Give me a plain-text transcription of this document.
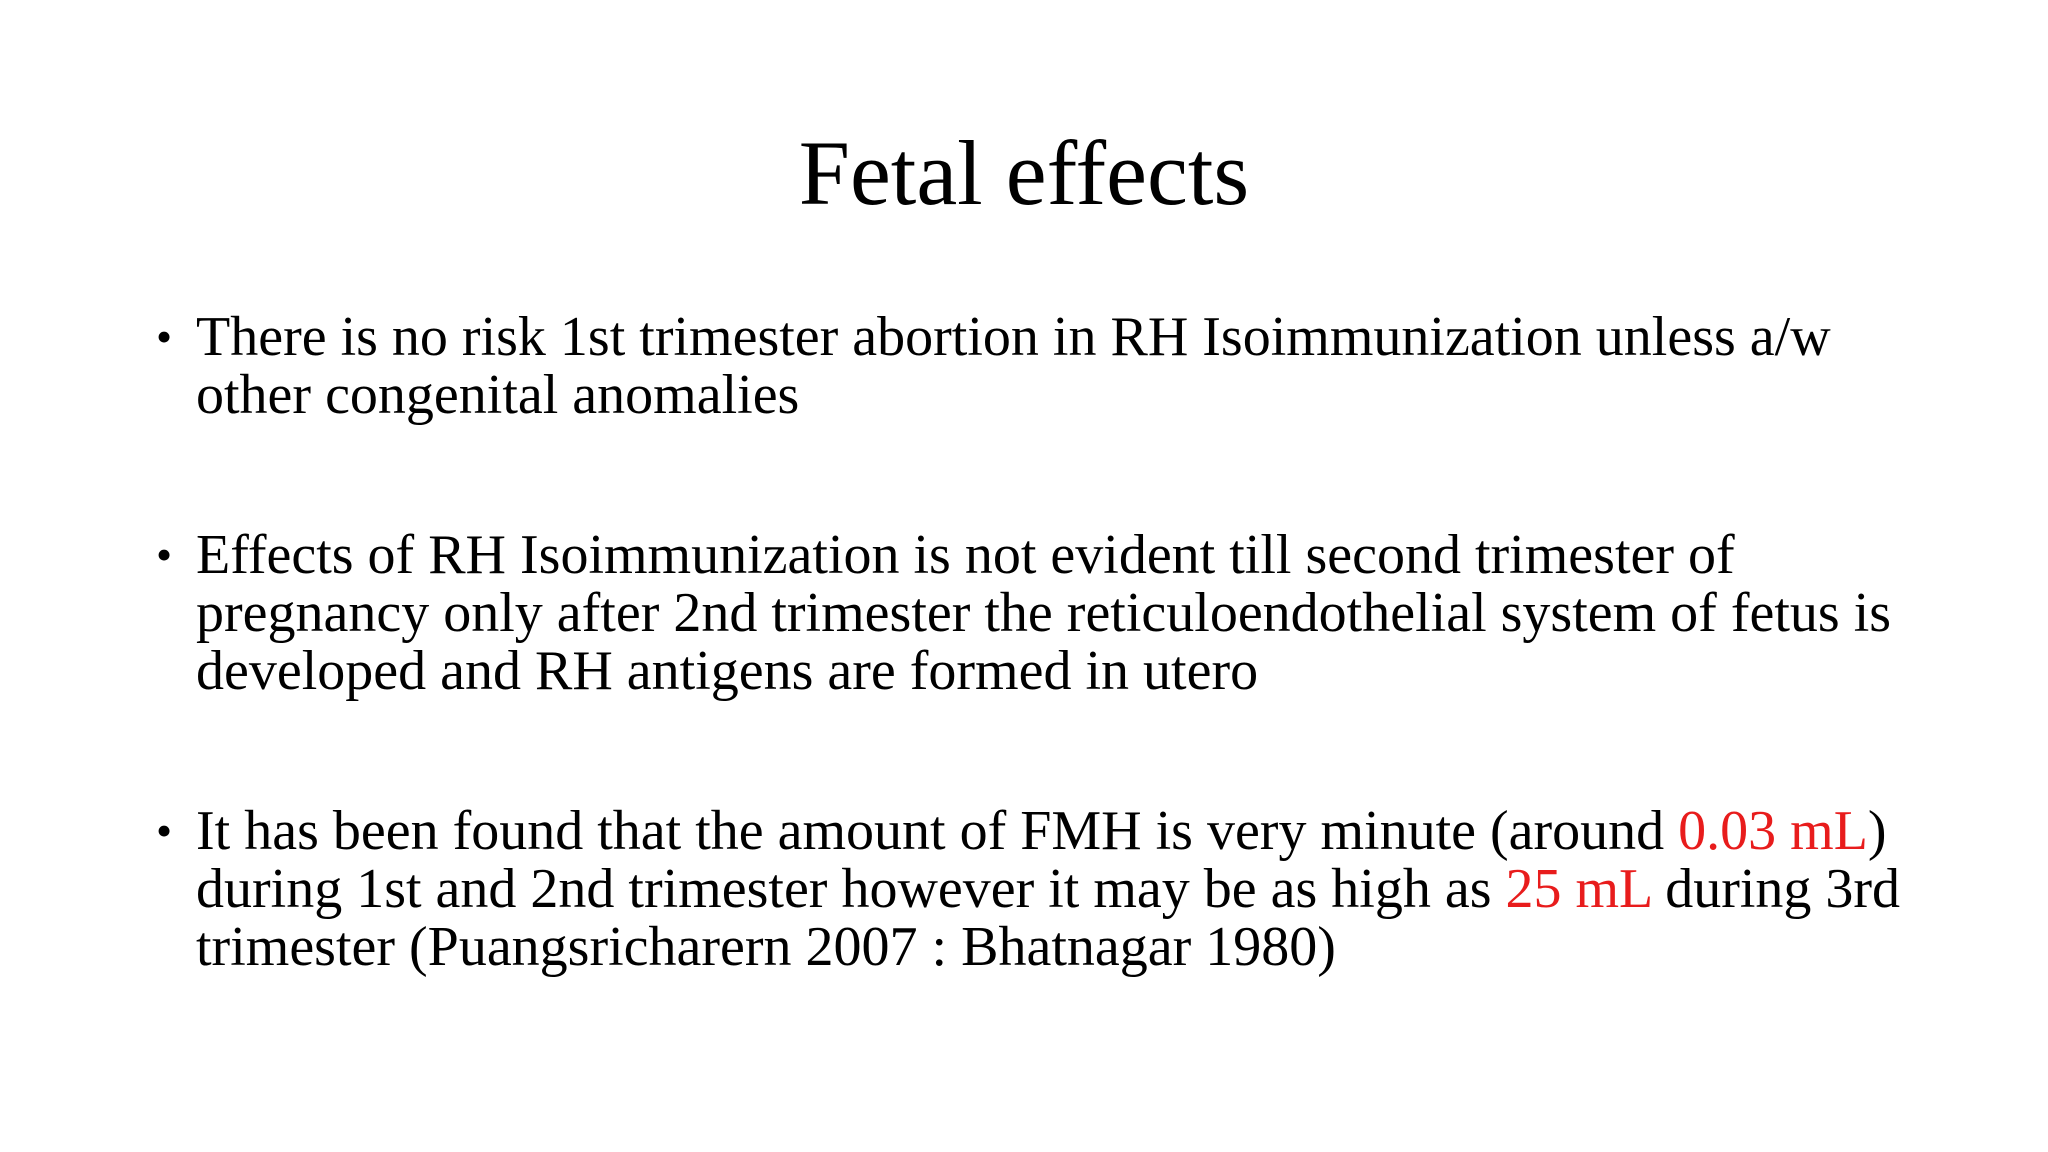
Fetal effects
• There is no risk 1st trimester abortion in RH Isoimmunization unless a/w other congenital anomalies
• Effects of RH Isoimmunization is not evident till second trimester of pregnancy only after 2nd trimester the reticuloendothelial system of fetus is developed and RH antigens are formed in utero
• It has been found that the amount of FMH is very minute (around 0.03 mL) during 1st and 2nd trimester however it may be as high as 25 mL during 3rd trimester (Puangsricharern 2007 : Bhatnagar 1980)
